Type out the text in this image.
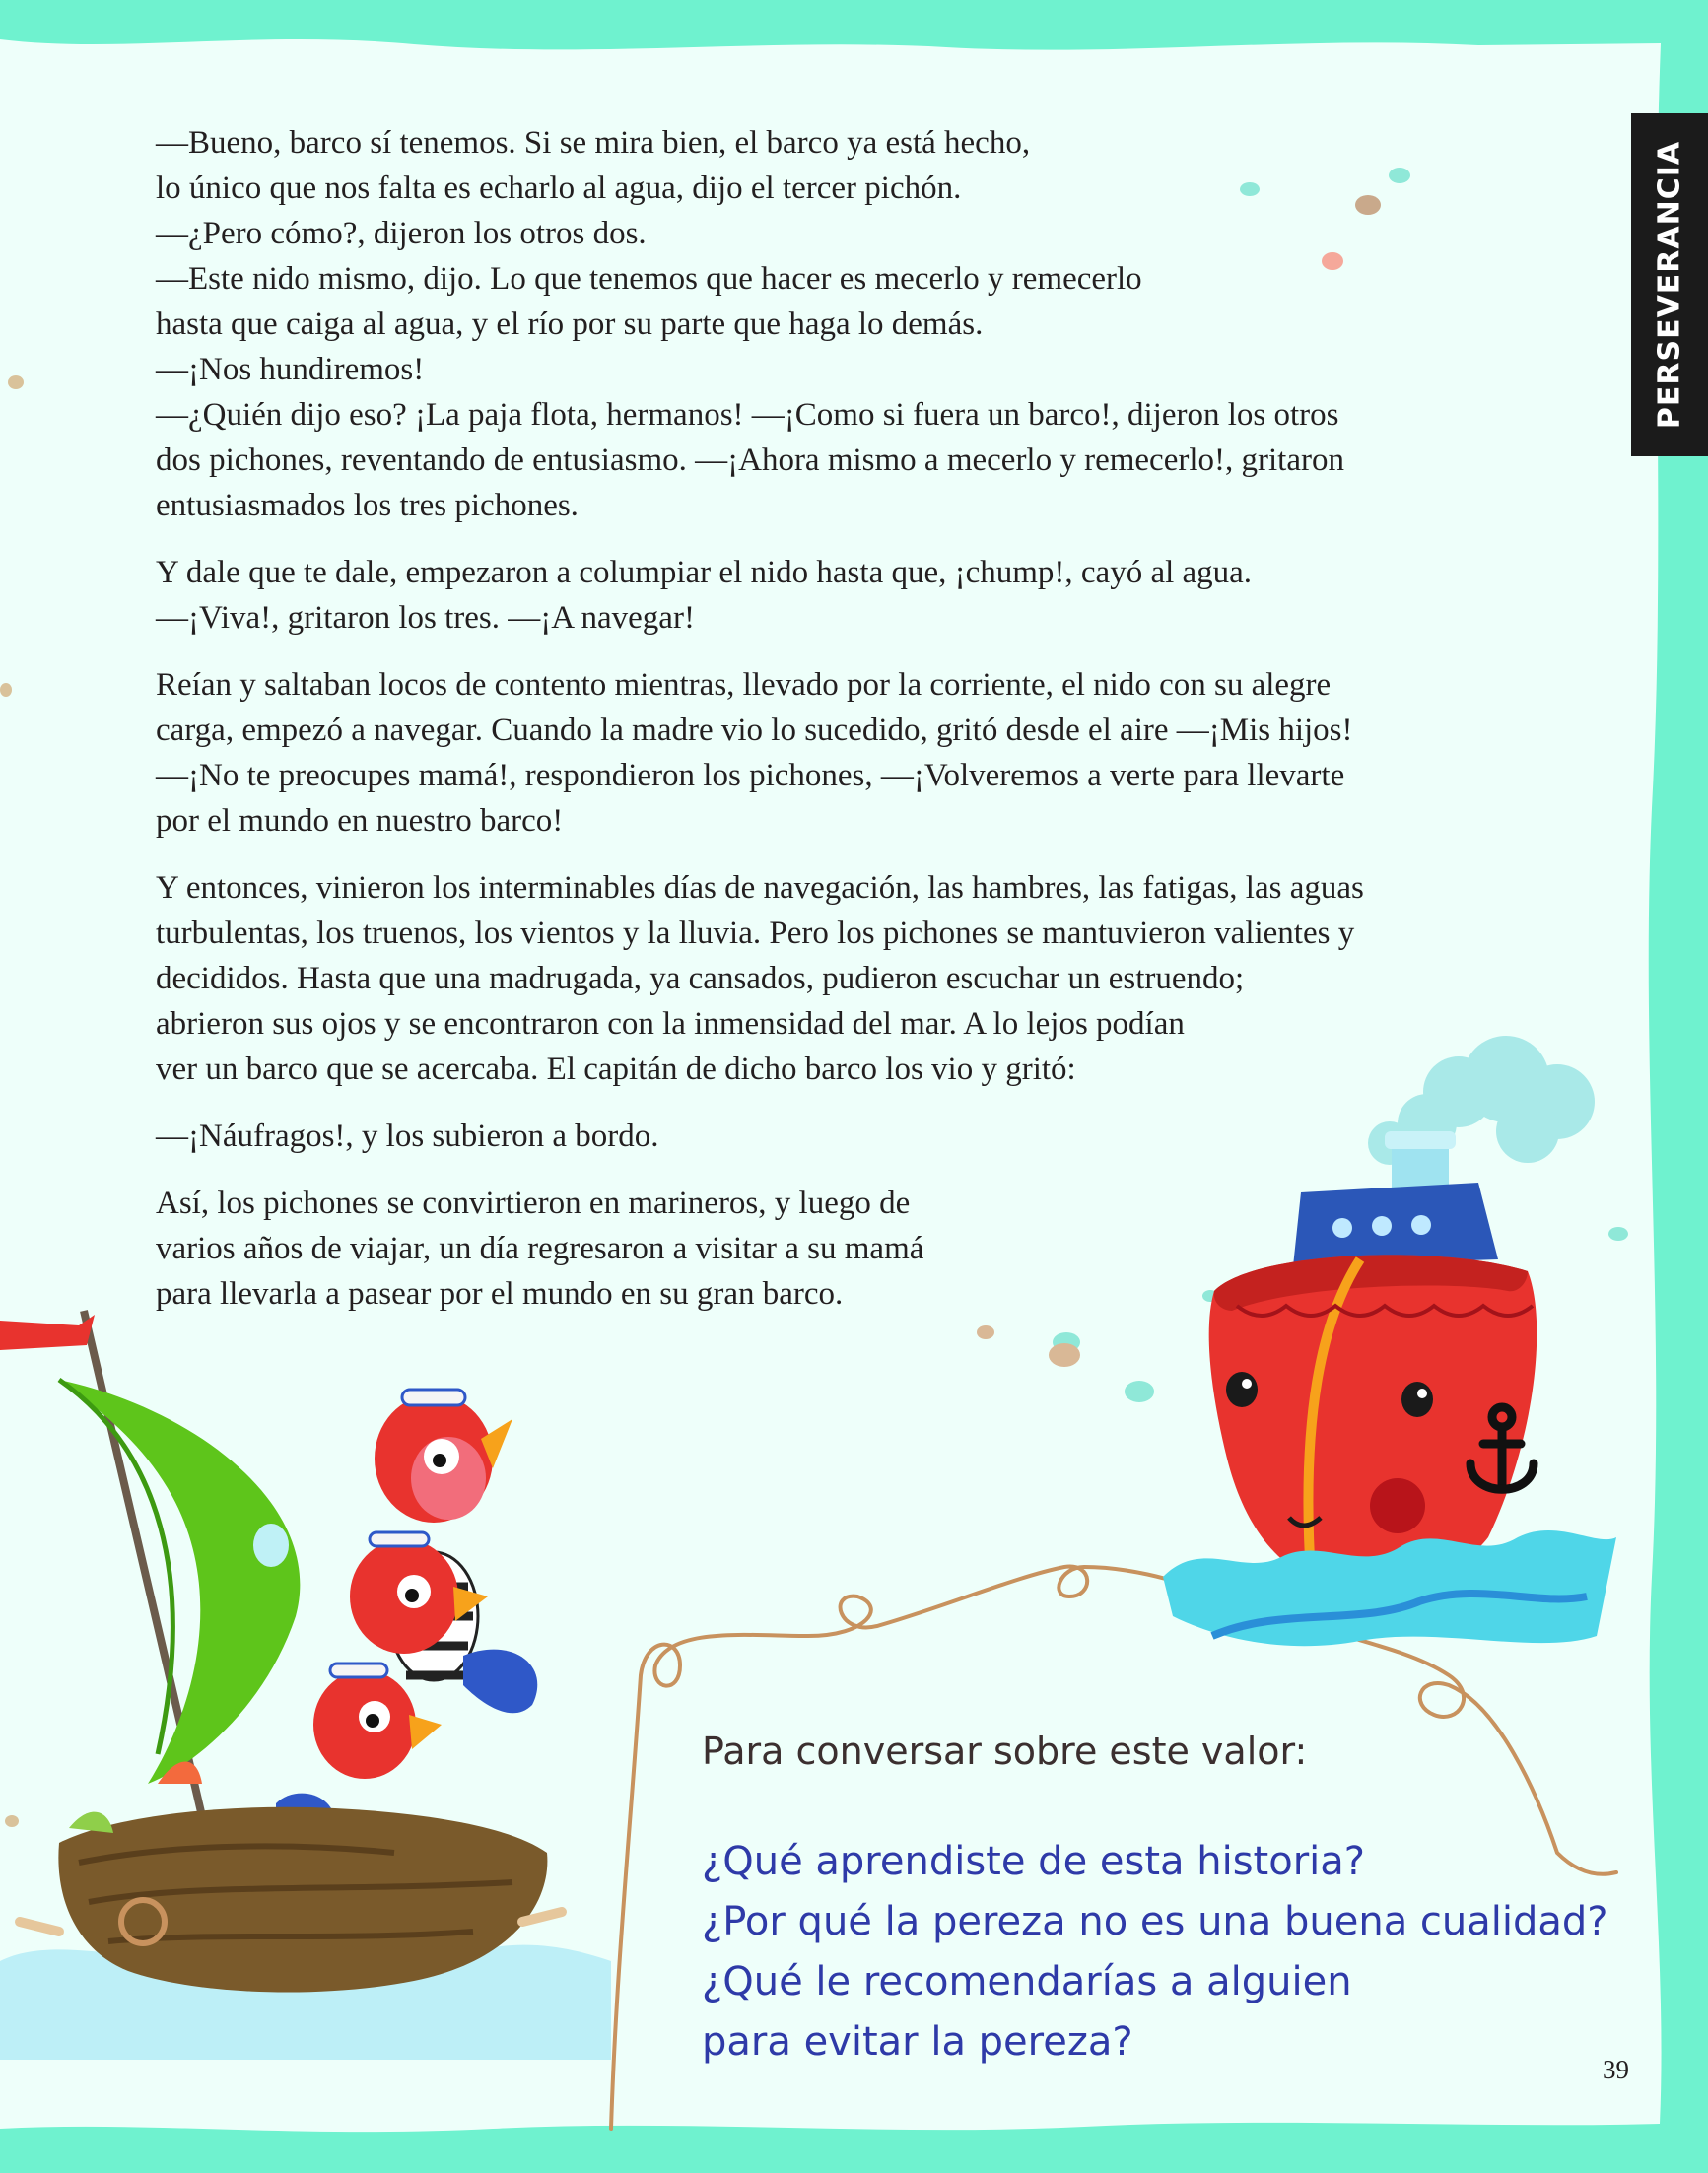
PERSEVERANCIA

—Bueno, barco sí tenemos. Si se mira bien, el barco ya está hecho,
lo único que nos falta es echarlo al agua, dijo el tercer pichón.
—¿Pero cómo?, dijeron los otros dos.
—Este nido mismo, dijo. Lo que tenemos que hacer es mecerlo y remecerlo
hasta que caiga al agua, y el río por su parte que haga lo demás.
—¡Nos hundiremos!
—¿Quién dijo eso? ¡La paja flota, hermanos! —¡Como si fuera un barco!, dijeron los otros
dos pichones, reventando de entusiasmo. —¡Ahora mismo a mecerlo y remecerlo!, gritaron
entusiasmados los tres pichones.

Y dale que te dale, empezaron a columpiar el nido hasta que, ¡chump!, cayó al agua.
—¡Viva!, gritaron los tres. —¡A navegar!

Reían y saltaban locos de contento mientras, llevado por la corriente, el nido con su alegre
carga, empezó a navegar. Cuando la madre vio lo sucedido, gritó desde el aire —¡Mis hijos!
—¡No te preocupes mamá!, respondieron los pichones, —¡Volveremos a verte para llevarte
por el mundo en nuestro barco!

Y entonces, vinieron los interminables días de navegación, las hambres, las fatigas, las aguas
turbulentas, los truenos, los vientos y la lluvia. Pero los pichones se mantuvieron valientes y
decididos. Hasta que una madrugada, ya cansados, pudieron escuchar un estruendo;
abrieron sus ojos y se encontraron con la inmensidad del mar. A lo lejos podían
ver un barco que se acercaba. El capitán de dicho barco los vio y gritó:

—¡Náufragos!, y los subieron a bordo.

Así, los pichones se convirtieron en marineros, y luego de
varios años de viajar, un día regresaron a visitar a su mamá
para llevarla a pasear por el mundo en su gran barco.

Para conversar sobre este valor:
¿Qué aprendiste de esta historia?
¿Por qué la pereza no es una buena cualidad?
¿Qué le recomendarías a alguien
para evitar la pereza?
39
